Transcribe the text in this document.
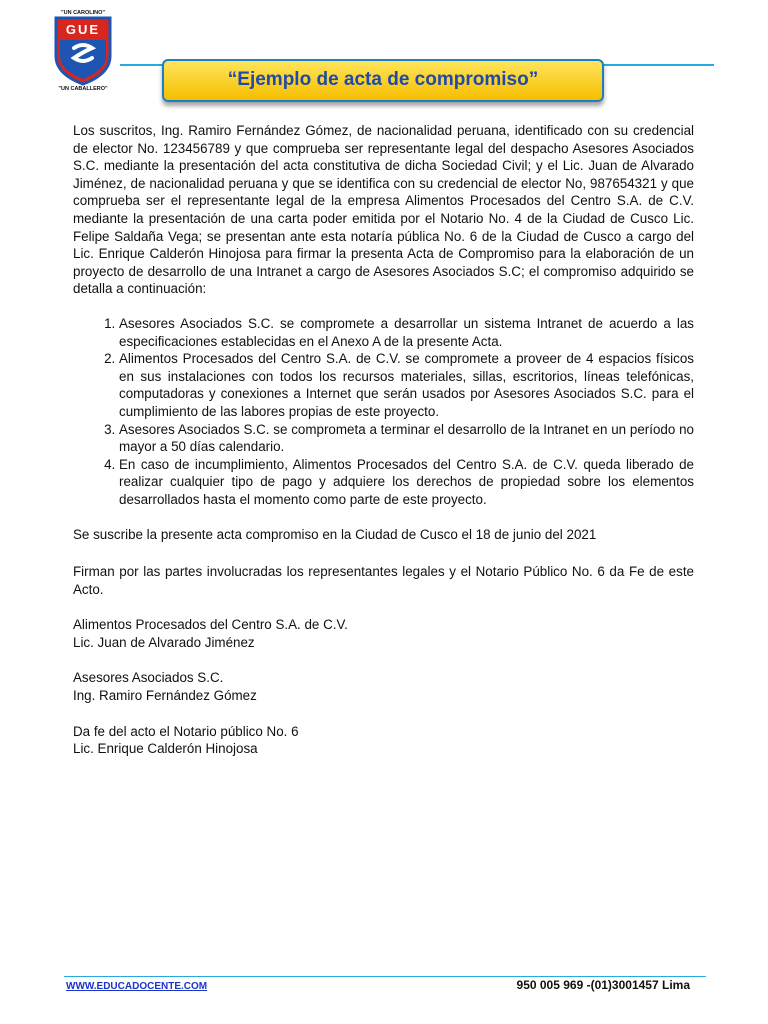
"UN CAROLINO"
GUE
"UN CABALLERO"	“Ejemplo de acta de compromiso”

Los suscritos, Ing. Ramiro Fernández Gómez, de nacionalidad peruana, identificado con su credencial de elector No. 123456789 y que comprueba ser representante legal del despacho Asesores Asociados S.C. mediante la presentación del acta constitutiva de dicha Sociedad Civil; y el Lic. Juan de Alvarado Jiménez, de nacionalidad peruana y que se identifica con su credencial de elector No, 987654321 y que comprueba ser el representante legal de la empresa Alimentos Procesados del Centro S.A. de C.V. mediante la presentación de una carta poder emitida por el Notario No. 4 de la Ciudad de Cusco Lic. Felipe Saldaña Vega; se presentan ante esta notaría pública No. 6 de la Ciudad de Cusco a cargo del Lic. Enrique Calderón Hinojosa para firmar la presenta Acta de Compromiso para la elaboración de un proyecto de desarrollo de una Intranet a cargo de Asesores Asociados S.C; el compromiso adquirido se detalla a continuación:

1. Asesores Asociados S.C. se compromete a desarrollar un sistema Intranet de acuerdo a las especificaciones establecidas en el Anexo A de la presente Acta.
2. Alimentos Procesados del Centro S.A. de C.V. se compromete a proveer de 4 espacios físicos en sus instalaciones con todos los recursos materiales, sillas, escritorios, líneas telefónicas, computadoras y conexiones a Internet que serán usados por Asesores Asociados S.C. para el cumplimiento de las labores propias de este proyecto.
3. Asesores Asociados S.C. se comprometa a terminar el desarrollo de la Intranet en un período no mayor a 50 días calendario.
4. En caso de incumplimiento, Alimentos Procesados del Centro S.A. de C.V. queda liberado de realizar cualquier tipo de pago y adquiere los derechos de propiedad sobre los elementos desarrollados hasta el momento como parte de este proyecto.

Se suscribe la presente acta compromiso en la Ciudad de Cusco el 18 de junio del 2021

Firman por las partes involucradas los representantes legales y el Notario Público No. 6 da Fe de este Acto.

Alimentos Procesados del Centro S.A. de C.V.

Lic. Juan de Alvarado Jiménez

Asesores Asociados S.C.

Ing. Ramiro Fernández Gómez

Da fe del acto el Notario público No. 6

Lic. Enrique Calderón Hinojosa

WWW.EDUCADOCENTE.COM	950 005 969 -(01)3001457 Lima
